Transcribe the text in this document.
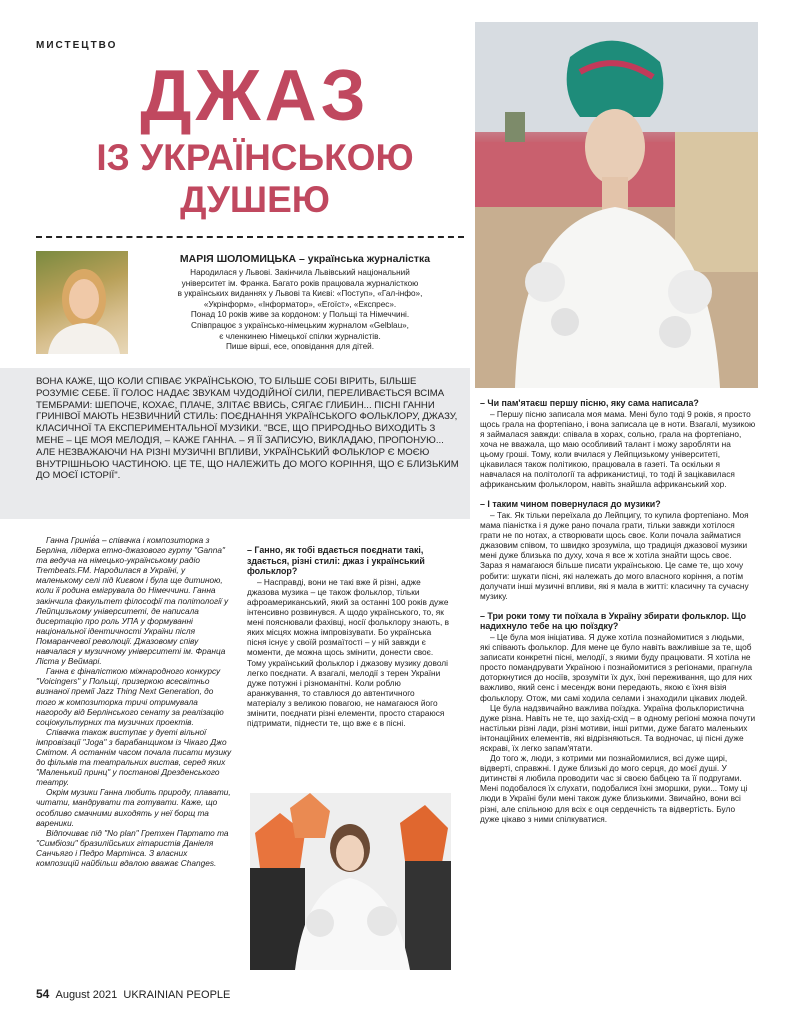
МИСТЕЦТВО
ДЖАЗ
ІЗ УКРАЇНСЬКОЮ
ДУШЕЮ
МАРІЯ ШОЛОМИЦЬКА – українська журналістка

Народилася у Львові. Закінчила Львівський національний

університет ім. Франка. Багато років працювала журналісткою

в українських виданнях у Львові та Києві: «Поступ», «Гал-інфо»,

«Укрінформ», «Інформатор», «Егоїст», «Експрес».

Понад 10 років живе за кордоном: у Польщі та Німеччині.

Співпрацює з українсько-німецьким журналом «Gelblau»,

є членкинею Німецької спілки журналістів.

Пише вірші, есе, оповідання для дітей.

ВОНА КАЖЕ, ЩО КОЛИ СПІВАЄ УКРАЇНСЬКОЮ, ТО БІЛЬШЕ СОБІ ВІРИТЬ, БІЛЬШЕ РОЗУМІЄ СЕБЕ. ЇЇ ГОЛОС НАДАЄ ЗВУКАМ ЧУДОДІЙНОЇ СИЛИ, ПЕРЕЛИВАЄТЬСЯ ВСІМА ТЕМБРАМИ: ШЕПОЧЕ, КОХАЄ, ПЛАЧЕ, ЗЛІТАЄ ВВИСЬ, СЯГАЄ ГЛИБИН... ПІСНІ ГАННИ ГРИНІВОЇ МАЮТЬ НЕЗВИЧНИЙ СТИЛЬ: ПОЄДНАННЯ УКРАЇНСЬКОГО ФОЛЬКЛОРУ, ДЖАЗУ, КЛАСИЧНОЇ ТА ЕКСПЕРИМЕНТАЛЬНОЇ МУЗИКИ. "ВСЕ, ЩО ПРИРОДНЬО ВИХОДИТЬ З МЕНЕ – ЦЕ МОЯ МЕЛОДІЯ, – КАЖЕ ГАННА. – Я ЇЇ ЗАПИСУЮ, ВИКЛАДАЮ, ПРОПОНУЮ... АЛЕ НЕЗВАЖАЮЧИ НА РІЗНІ МУЗИЧНІ ВПЛИВИ, УКРАЇНСЬКИЙ ФОЛЬКЛОР Є МОЄЮ ВНУТРІШНЬОЮ ЧАСТИНОЮ. ЦЕ ТЕ, ЩО НАЛЕЖИТЬ ДО МОГО КОРІННЯ, ЩО Є БЛИЗЬКИМ ДО МОЄЇ ІСТОРІЇ".

Ганна Гринів́а – співачка і композиторка з Берліна, лідерка етно-джазового гурту "Ganna" та ведуча на німецько-українському радіо Trembeats.FM. Народилася в Україні, у маленькому селі під Києвом і була ще дитиною, коли її родина емігрувала до Німеччини. Ганна закінчила факультет філософії та політології у Лейпцизькому університеті, де написала дисертацію про роль УПА у формуванні національної ідентичності України після Помаранчевої революції. Джазовому співу навчалася у музичному університеті ім. Франца Ліста у Веймарі.

Ганна є фіналісткою міжнародного конкурсу "Voicingers" у Польщі, призеркою всесвітньо визнаної премії Jazz Thing Next Generation, до того ж композиторка тричі отримувала нагороду від Берлінського сенату за реалізацію соціокультурних та музичних проектів.

Співачка також виступає у дуеті вільної імпровізації "Joga" з барабанщиком із Чікаго Джо Смітом. А останнім часом почала писати музику до фільмів та театральних вистав, серед яких "Маленький принц" у постанові Дрезденського театру.

Окрім музики Ганна любить природу, плавати, читати, мандрувати та готувати. Каже, що особливо смачними виходять у неї борщ та вареники.

Відпочиває під "No plan" Гретхен Партато та "Симбіози" бразилійських гітаристів Даніеля Санчьяго і Педро Мартінса. З власних композицій найбільш вдалою вважає Changes.

– Ганно, як тобі вдається поєднати такі, здається, різні стилі: джаз і український фольклор?

– Насправді, вони не такі вже й різні, адже джазова музика – це також фольклор, тільки афроамериканський, який за останні 100 років дуже інтенсивно розвинувся. А щодо українського, то, як мені пояснювали фахівці, носії фольклору знають, в яких місцях можна імпровізувати. Бо українська пісня існує у своїй розмаїтості – у ній завжди є моменти, де можна щось змінити, донести своє. Тому український фольклор і джазову музику доволі легко поєднати. А взагалі, мелодії з терен України дуже потужні і різноманітні. Коли роблю аранжування, то ставлюся до автентичного матеріалу з великою повагою, не намагаюся його змінити, поєднати різні елементи, просто стараюся підтримати, піднести те, що вже є в пісні.

– Чи пам'ятаєш першу пісню, яку сама написала?

– Першу пісню записала моя мама. Мені було тоді 9 років, я просто щось грала на фортепіано, і вона записала це в ноти. Взагалі, музикою я займалася завжди: співала в хорах, сольно, грала на фортепіано, хоча не вважала, що маю особливий талант і можу заробляти на цьому гроші. Тому, коли вчилася у Лейпцизькому університеті, цікавилася також політикою, працювала в газеті. Та оскільки я навчалася на політології та африканистиці, то тодi й зацікавилася африканським фольклором, навіть знайшла африканський хор.

– І таким чином повернулася до музики?

– Так. Як тільки переїхала до Лейпцигу, то купила фортепіано. Моя мама піаністка і я дуже рано почала грати, тільки завжди хотілося грати не по нотах, а створювати щось своє. Коли почала займатися джазовим співом, то швидко зрозуміла, що традиція джазової музики мені дуже близька по духу, хоча я все ж хотіла знайти щось своє. Зараз я намагаюся більше писати українською. Це саме те, що хочу робити: шукати пісні, які належать до мого власного коріння, а потім долучати інші музичні впливи, які я мала в житті: класичну та сучасну музику.

– Три роки тому ти поїхала в Україну збирати фольклор. Що надихнуло тебе на цю поїздку?

– Це була моя ініціатива. Я дуже хотіла познайомитися з людьми, які співають фольклор. Для мене це було навіть важливіше за те, щоб записати конкретні пісні, мелодії, з якими буду працювати. Я хотіла не просто помандрувати Україною і познайомитися з регіонами, прагнула доторкнутися до носіїв, зрозуміти їх дух, їхні переживання, що для них важливо, який сенс і месендж вони передають, якою є їхня візія фольклору. Отож, ми самі ходила селами і знаходили цікавих людей.

Це була надзвичайно важлива поїздка. Україна фольклористична дуже різна. Навіть не те, що захід-схід – в одному регіоні можна почути настільки різні лади, різні мотиви, інші ритми, дуже багато маленьких інтонаційних елементів, які відрізняються. Та водночас, ці пісні дуже яскраві, їх легко запам'ятати.

До того ж, люди, з котрими ми познайомилися, всі дуже щирі, відверті, справжні. І дуже близькі до мого серця, до моєї душі. У дитинстві я любила проводити час зі своєю бабцею та її подругами. Мені подобалося їх слухати, подобалися їхні зморшки, руки... Тому ці люди в Україні були мені також дуже близькими. Звичайно, вони всі різні, але спільною для всіх є оця сердечність та відвертість. Було дуже цікаво з ними спілкуватися.

54 August 2021 UKRAINIAN PEOPLE
